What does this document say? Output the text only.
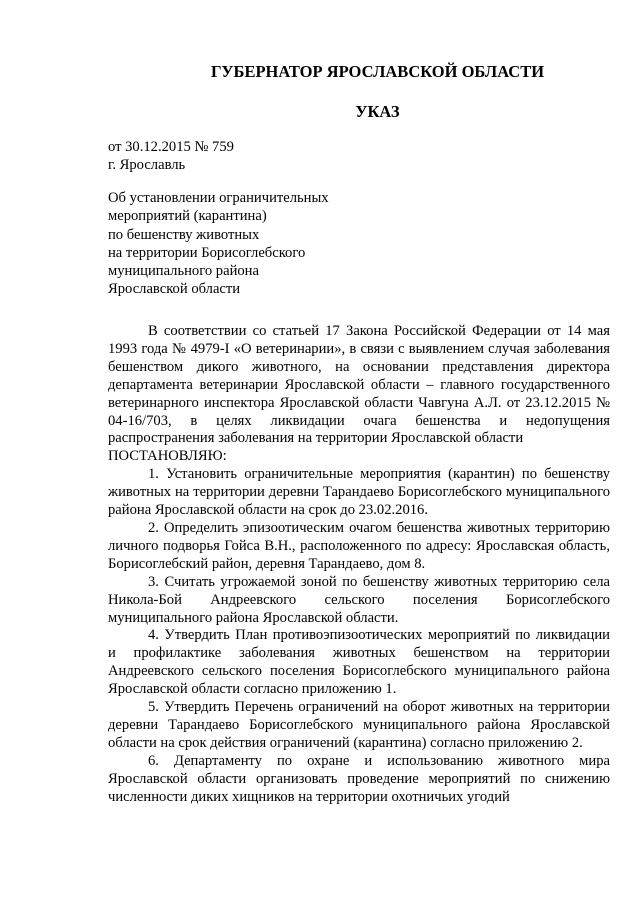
ГУБЕРНАТОР ЯРОСЛАВСКОЙ ОБЛАСТИ
УКАЗ
от 30.12.2015 № 759
г. Ярославль
Об установлении ограничительных
мероприятий (карантина)
по бешенству животных
на территории Борисоглебского
муниципального района
Ярославской области

В соответствии со статьей 17 Закона Российской Федерации от 14 мая 1993 года № 4979-I «О ветеринарии», в связи с выявлением случая заболевания бешенством дикого животного, на основании представления директора департамента ветеринарии Ярославской области – главного государственного ветеринарного инспектора Ярославской области Чавгуна А.Л. от 23.12.2015 № 04-16/703, в целях ликвидации очага бешенства и недопущения распространения заболевания на территории Ярославской области

ПОСТАНОВЛЯЮ:

1. Установить ограничительные мероприятия (карантин) по бешенству животных на территории деревни Тарандаево Борисоглебского муниципального района Ярославской области на срок до 23.02.2016.

2. Определить эпизоотическим очагом бешенства животных территорию личного подворья Гойса В.Н., расположенного по адресу: Ярославская область, Борисоглебский район, деревня Тарандаево, дом 8.

3. Считать угрожаемой зоной по бешенству животных территорию села Никола-Бой Андреевского сельского поселения Борисоглебского муниципального района Ярославской области.

4. Утвердить План противоэпизоотических мероприятий по ликвидации и профилактике заболевания животных бешенством на территории Андреевского сельского поселения Борисоглебского муниципального района Ярославской области согласно приложению 1.

5. Утвердить Перечень ограничений на оборот животных на территории деревни Тарандаево Борисоглебского муниципального района Ярославской области на срок действия ограничений (карантина) согласно приложению 2.

6. Департаменту по охране и использованию животного мира Ярославской области организовать проведение мероприятий по снижению численности диких хищников на территории охотничьих угодий
